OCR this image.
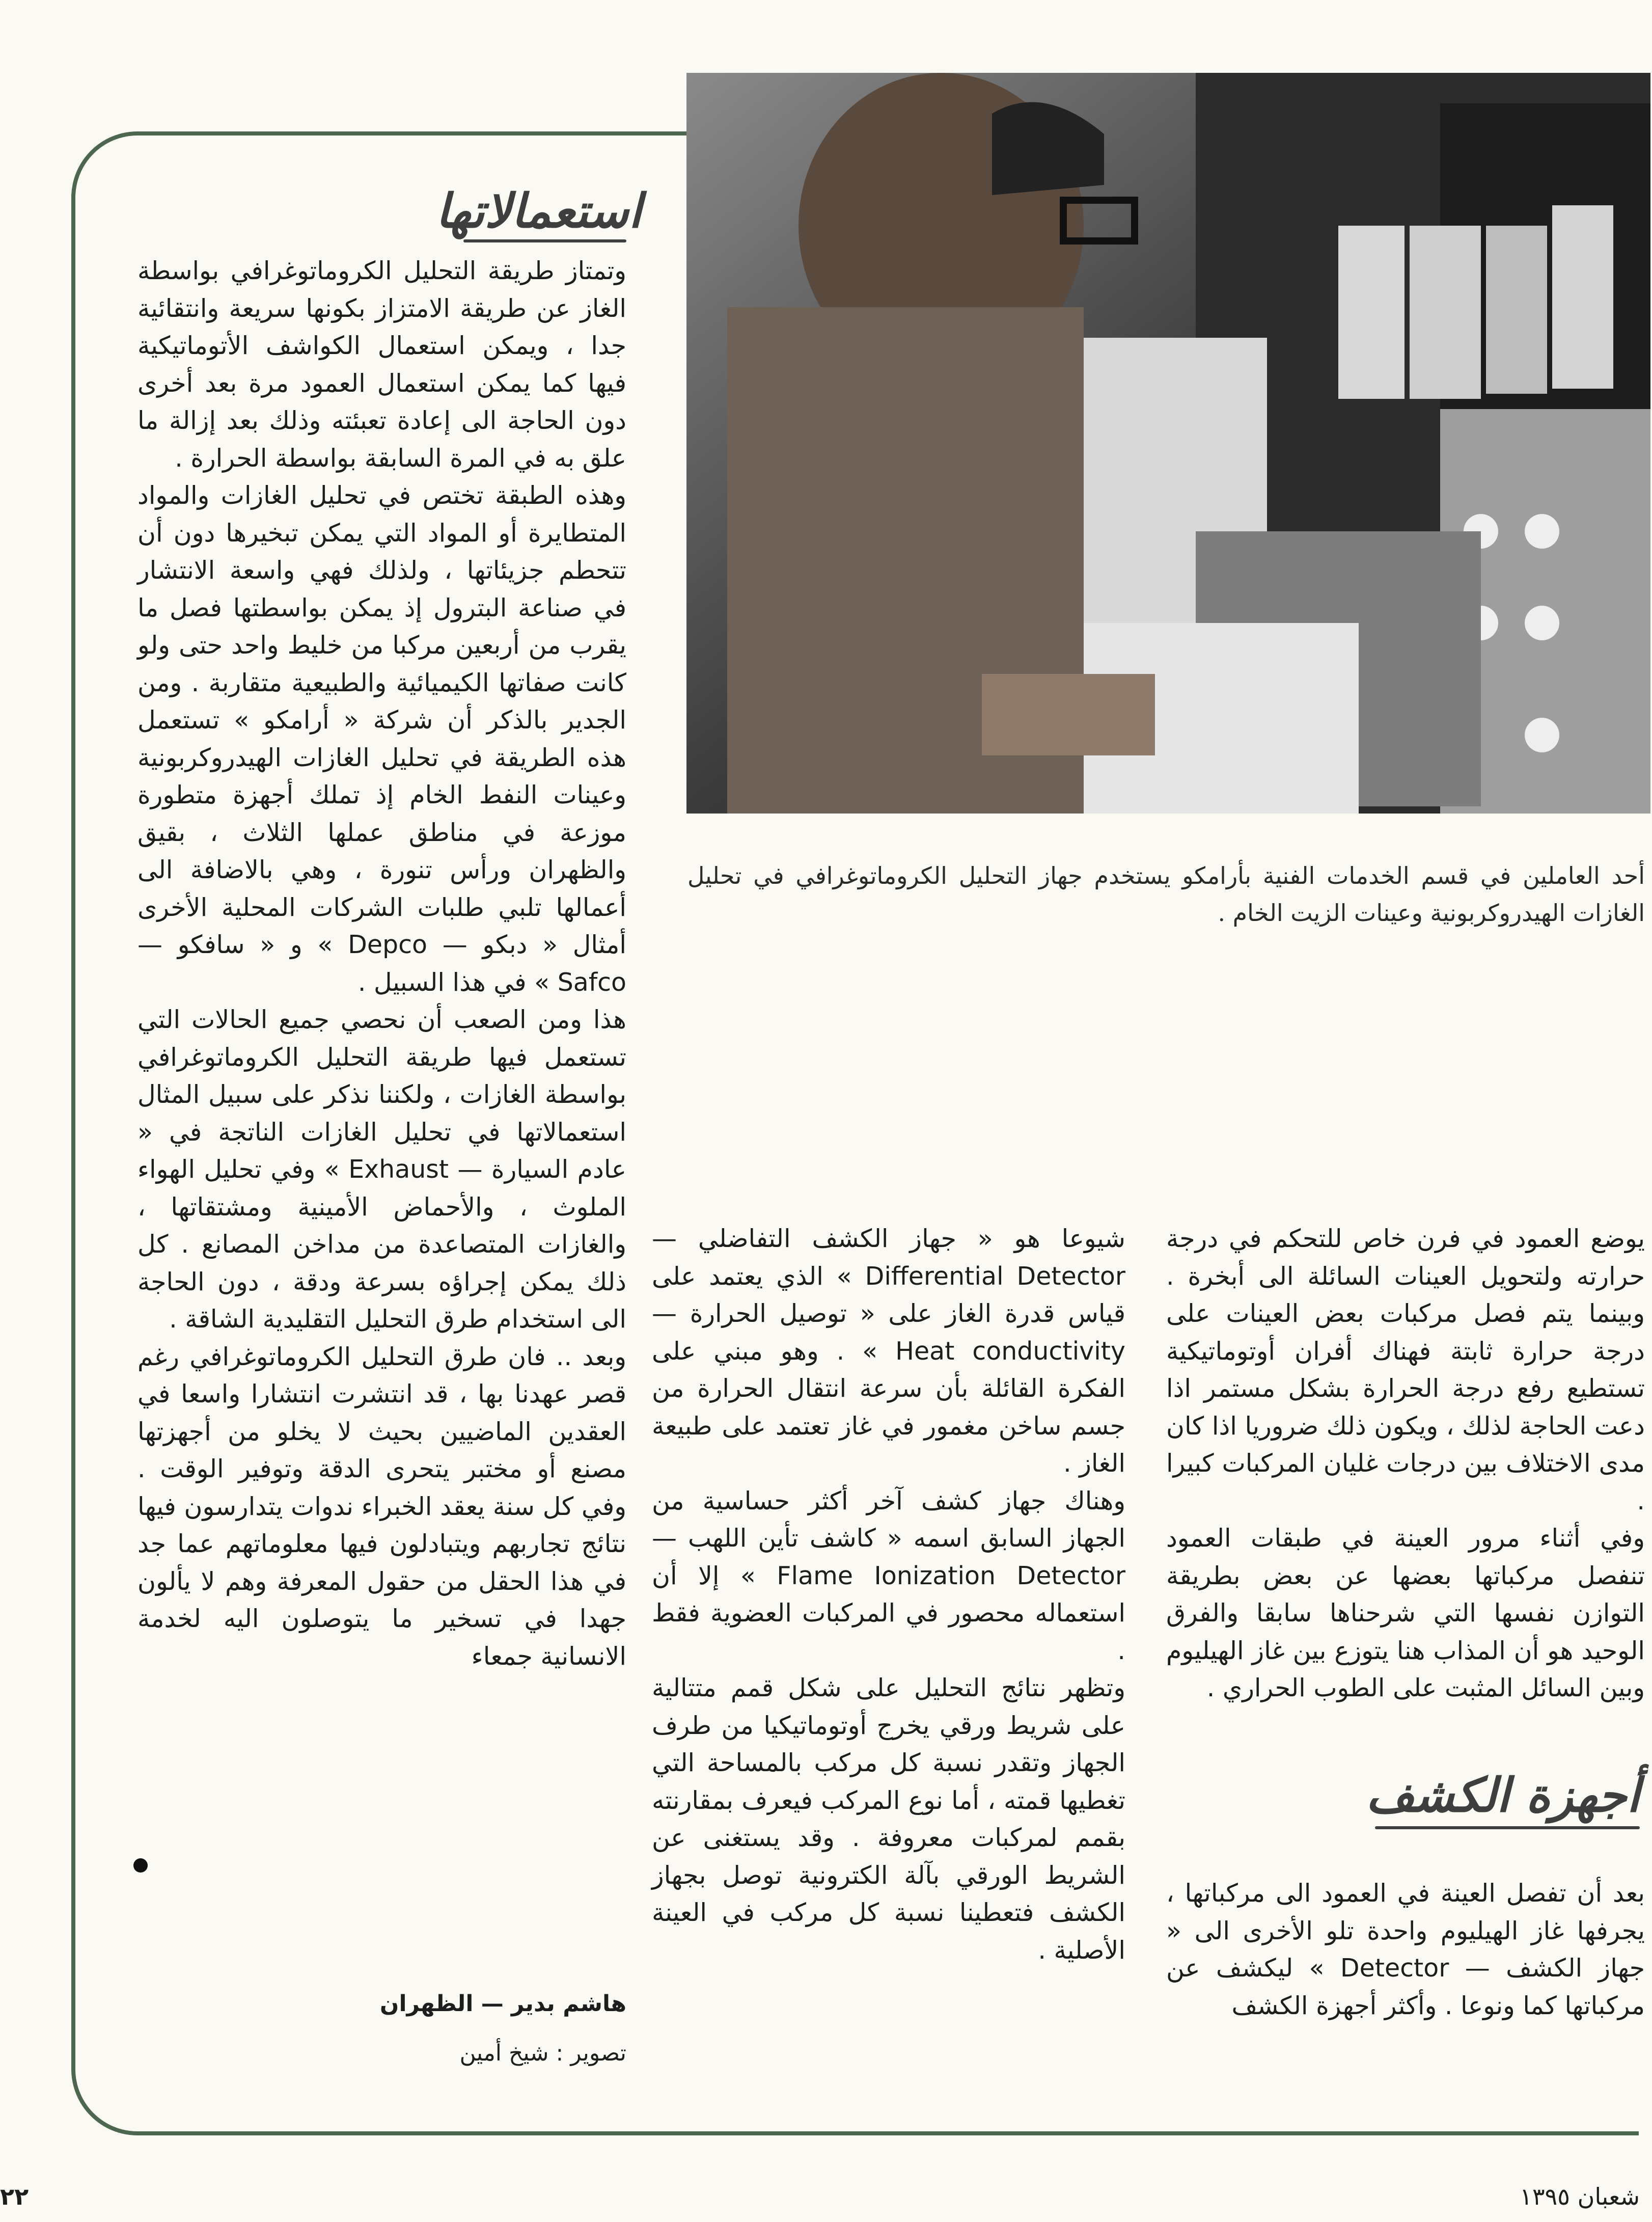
أحد العاملين في قسم الخدمات الفنية بأرامكو يستخدم جهاز التحليل الكروماتوغرافي في تحليل الغازات الهيدروكربونية وعينات الزيت الخام .
استعمالاتها

وتمتاز طريقة التحليل الكروماتوغرافي بواسطة الغاز عن طريقة الامتزاز بكونها سريعة وانتقائية جدا ، ويمكن استعمال الكواشف الأتوماتيكية فيها كما يمكن استعمال العمود مرة بعد أخرى دون الحاجة الى إعادة تعبئته وذلك بعد إزالة ما علق به في المرة السابقة بواسطة الحرارة .

وهذه الطبقة تختص في تحليل الغازات والمواد المتطايرة أو المواد التي يمكن تبخيرها دون أن تتحطم جزيئاتها ، ولذلك فهي واسعة الانتشار في صناعة البترول إذ يمكن بواسطتها فصل ما يقرب من أربعين مركبا من خليط واحد حتى ولو كانت صفاتها الكيميائية والطبيعية متقاربة . ومن الجدير بالذكر أن شركة « أرامكو » تستعمل هذه الطريقة في تحليل الغازات الهيدروكربونية وعينات النفط الخام إذ تملك أجهزة متطورة موزعة في مناطق عملها الثلاث ، بقيق والظهران ورأس تنورة ، وهي بالاضافة الى أعمالها تلبي طلبات الشركات المحلية الأخرى أمثال « دبكو — Depco » و « سافكو — Safco » في هذا السبيل .

هذا ومن الصعب أن نحصي جميع الحالات التي تستعمل فيها طريقة التحليل الكروماتوغرافي بواسطة الغازات ، ولكننا نذكر على سبيل المثال استعمالاتها في تحليل الغازات الناتجة في « عادم السيارة — Exhaust » وفي تحليل الهواء الملوث ، والأحماض الأمينية ومشتقاتها ، والغازات المتصاعدة من مداخن المصانع . كل ذلك يمكن إجراؤه بسرعة ودقة ، دون الحاجة الى استخدام طرق التحليل التقليدية الشاقة .

وبعد .. فان طرق التحليل الكروماتوغرافي رغم قصر عهدنا بها ، قد انتشرت انتشارا واسعا في العقدين الماضيين بحيث لا يخلو من أجهزتها مصنع أو مختبر يتحرى الدقة وتوفير الوقت . وفي كل سنة يعقد الخبراء ندوات يتدارسون فيها نتائج تجاربهم ويتبادلون فيها معلوماتهم عما جد في هذا الحقل من حقول المعرفة وهم لا يألون جهدا في تسخير ما يتوصلون اليه لخدمة الانسانية جمعاء

هاشم بدير — الظهران
تصوير : شيخ أمين

شيوعا هو « جهاز الكشف التفاضلي — Differential Detector » الذي يعتمد على قياس قدرة الغاز على « توصيل الحرارة — Heat conductivity » . وهو مبني على الفكرة القائلة بأن سرعة انتقال الحرارة من جسم ساخن مغمور في غاز تعتمد على طبيعة الغاز .

وهناك جهاز كشف آخر أكثر حساسية من الجهاز السابق اسمه « كاشف تأين اللهب — Flame Ionization Detector » إلا أن استعماله محصور في المركبات العضوية فقط .

وتظهر نتائج التحليل على شكل قمم متتالية على شريط ورقي يخرج أوتوماتيكيا من طرف الجهاز وتقدر نسبة كل مركب بالمساحة التي تغطيها قمته ، أما نوع المركب فيعرف بمقارنته بقمم لمركبات معروفة . وقد يستغنى عن الشريط الورقي بآلة الكترونية توصل بجهاز الكشف فتعطينا نسبة كل مركب في العينة الأصلية .

يوضع العمود في فرن خاص للتحكم في درجة حرارته ولتحويل العينات السائلة الى أبخرة . وبينما يتم فصل مركبات بعض العينات على درجة حرارة ثابتة فهناك أفران أوتوماتيكية تستطيع رفع درجة الحرارة بشكل مستمر اذا دعت الحاجة لذلك ، ويكون ذلك ضروريا اذا كان مدى الاختلاف بين درجات غليان المركبات كبيرا .

وفي أثناء مرور العينة في طبقات العمود تنفصل مركباتها بعضها عن بعض بطريقة التوازن نفسها التي شرحناها سابقا والفرق الوحيد هو أن المذاب هنا يتوزع بين غاز الهيليوم وبين السائل المثبت على الطوب الحراري .

أجهزة الكشف

بعد أن تفصل العينة في العمود الى مركباتها ، يجرفها غاز الهيليوم واحدة تلو الأخرى الى « جهاز الكشف — Detector » ليكشف عن مركباتها كما ونوعا . وأكثر أجهزة الكشف

٢٢	شعبان ١٣٩٥
